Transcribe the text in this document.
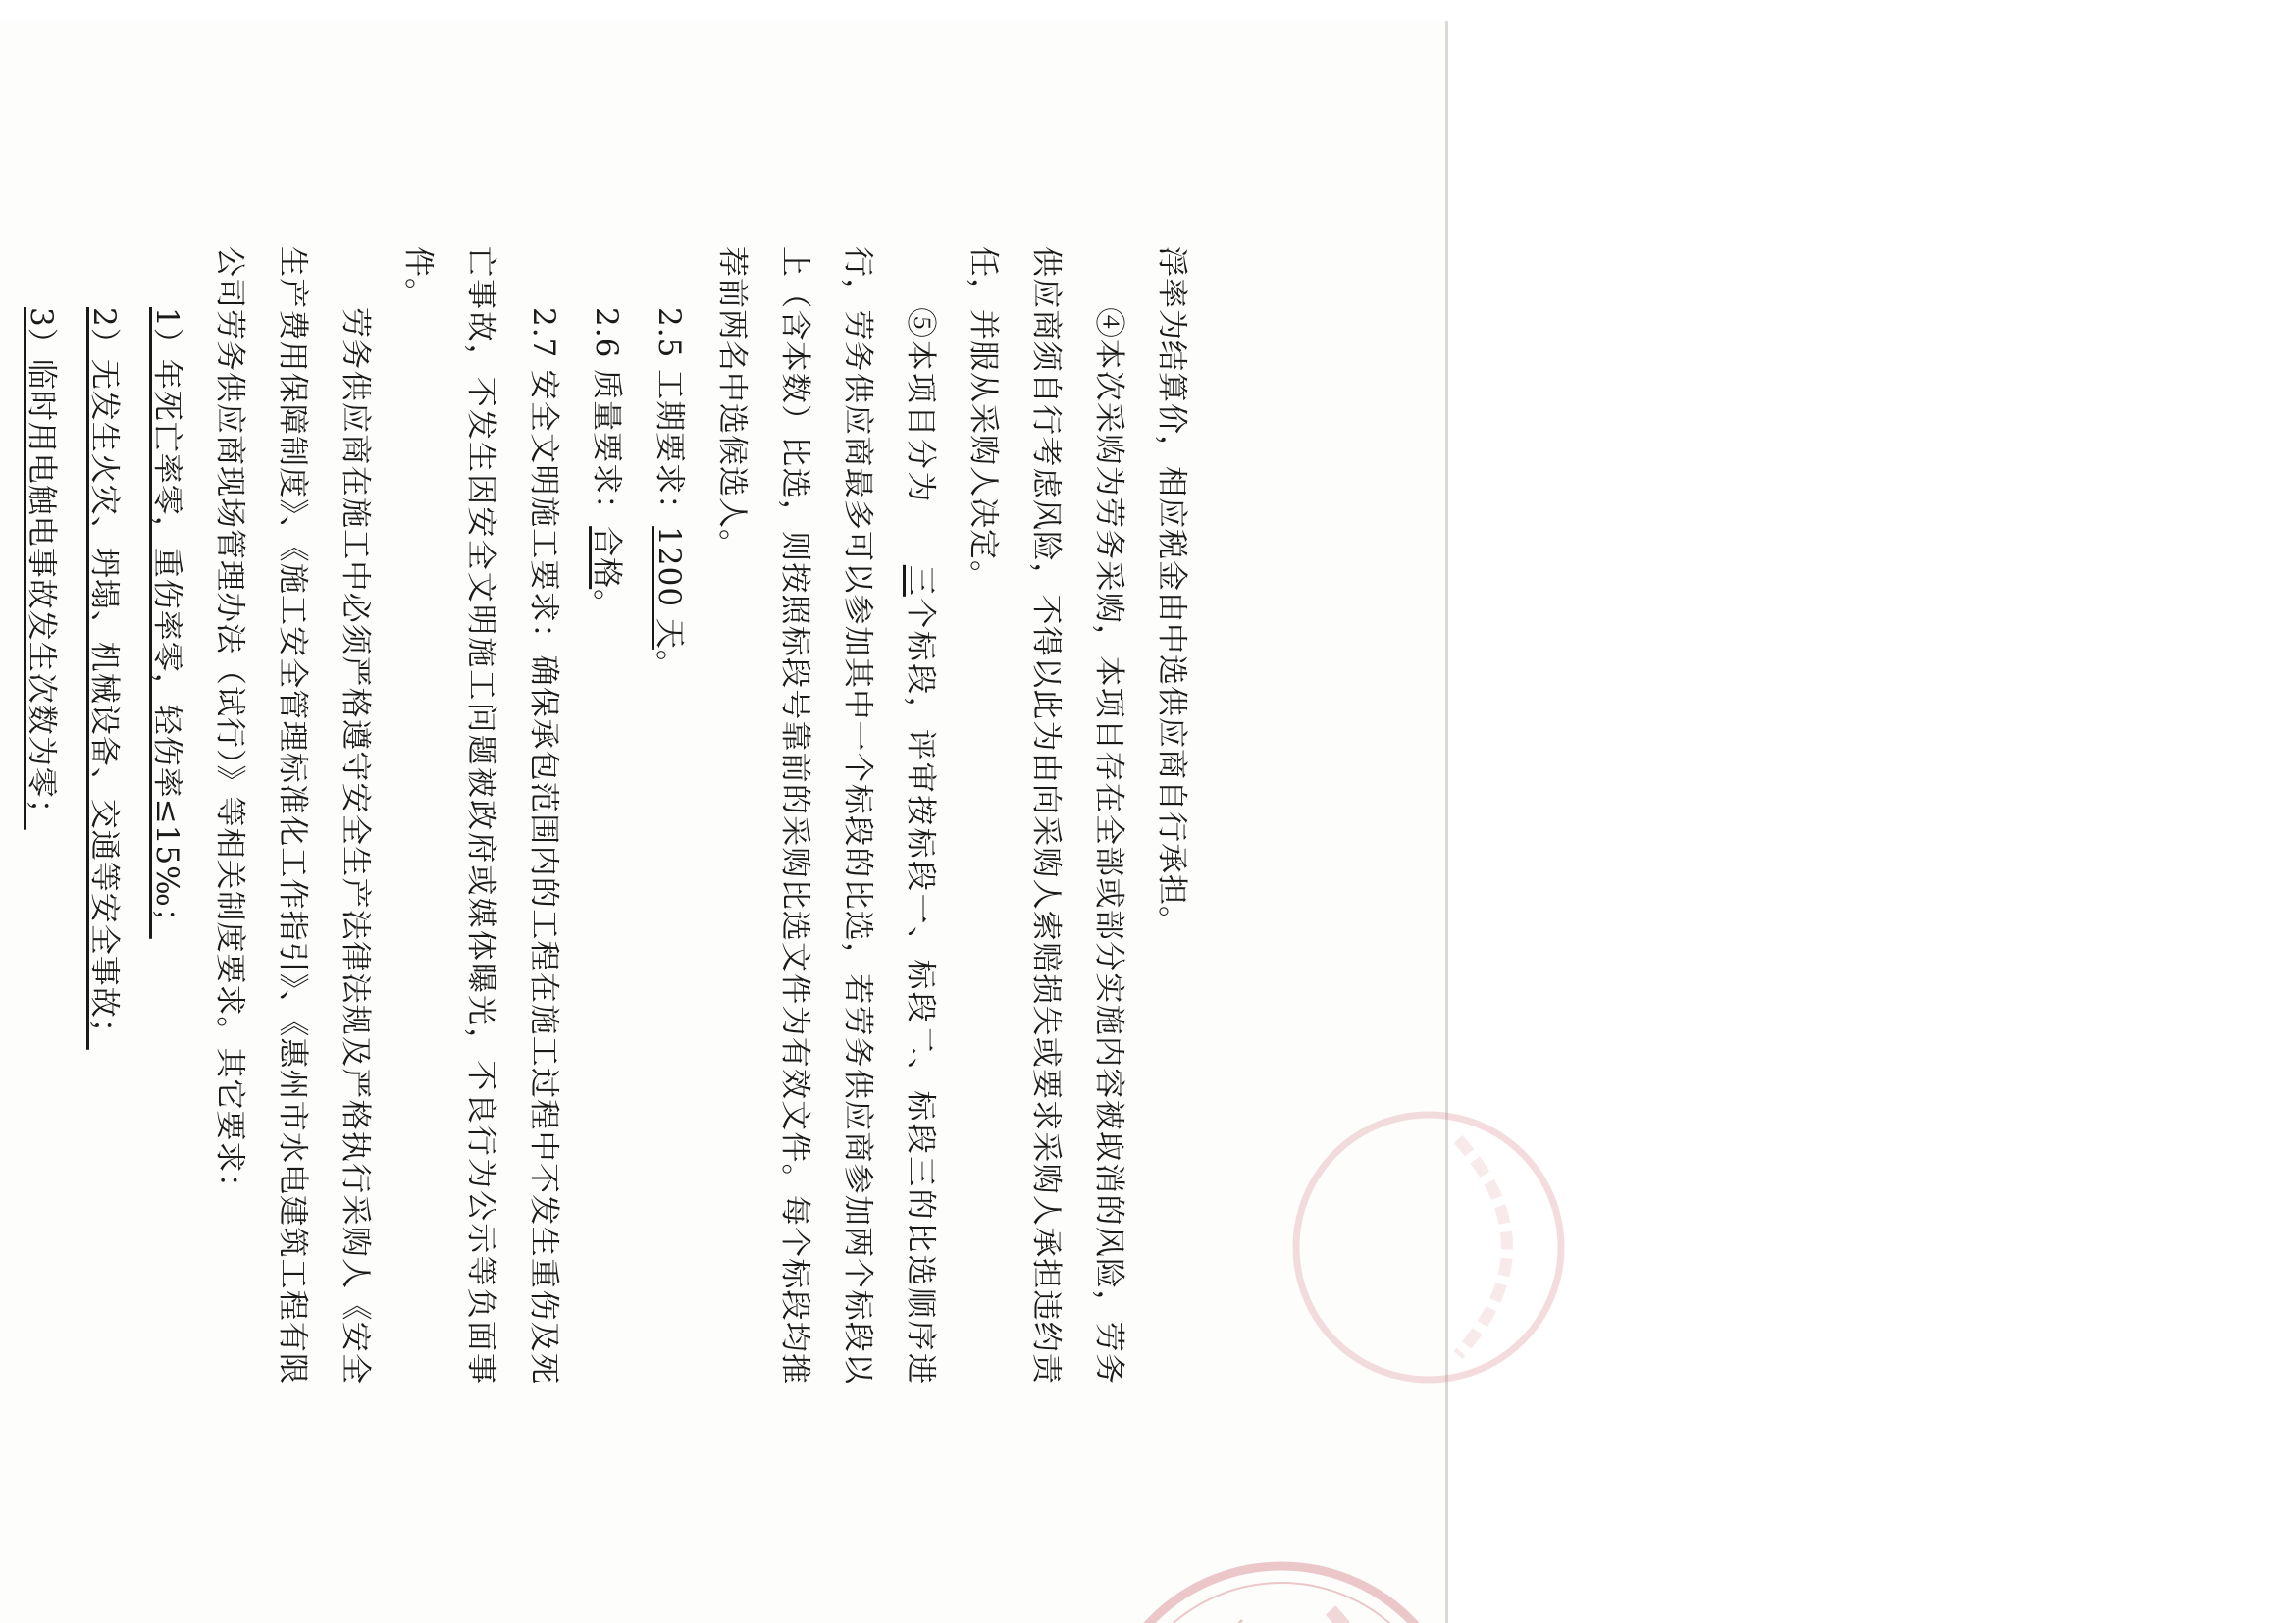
浮率为结算价，相应税金由中选供应商自行承担。

④本次采购为劳务采购，本项目存在全部或部分实施内容被取消的风险，劳务供应商须自行考虑风险，不得以此为由向采购人索赔损失或要求采购人承担违约责任，并服从采购人决定。

⑤本项目分为三个标段，评审按标段一、标段二、标段三的比选顺序进行，劳务供应商最多可以参加其中一个标段的比选，若劳务供应商参加两个标段以上（含本数）比选，则按照标段号靠前的采购比选文件为有效文件。每个标段均推荐前两名中选候选人。

2.5 工期要求：1200 天。

2.6 质量要求：合格。

2.7 安全文明施工要求：确保承包范围内的工程在施工过程中不发生重伤及死亡事故，不发生因安全文明施工问题被政府或媒体曝光，不良行为公示等负面事件。

劳务供应商在施工中必须严格遵守安全生产法律法规及严格执行采购人《安全生产费用保障制度》、《施工安全管理标准化工作指引》、《惠州市水电建筑工程有限公司劳务供应商现场管理办法（试行）》等相关制度要求。其它要求：

1）年死亡率零，重伤率零，轻伤率≤15‰；

2）无发生火灾、坍塌、机械设备、交通等安全事故；

3）临时用电触电事故发生次数为零；
